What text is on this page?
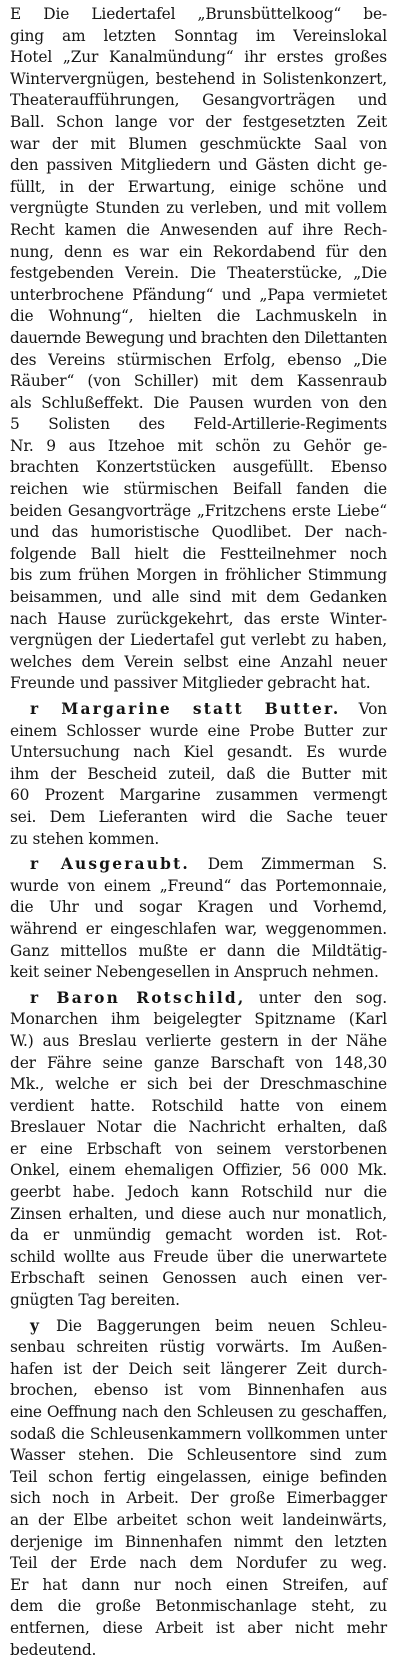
E Die Liedertafel „Brunsbüttelkoog“ be-
ging am letzten Sonntag im Vereinslokal
Hotel „Zur Kanalmündung“ ihr erstes großes
Wintervergnügen, bestehend in Solistenkonzert,
Theateraufführungen, Gesangvorträgen und
Ball. Schon lange vor der festgesetzten Zeit
war der mit Blumen geschmückte Saal von
den passiven Mitgliedern und Gästen dicht ge-
füllt, in der Erwartung, einige schöne und
vergnügte Stunden zu verleben, und mit vollem
Recht kamen die Anwesenden auf ihre Rech-
nung, denn es war ein Rekordabend für den
festgebenden Verein. Die Theaterstücke, „Die
unterbrochene Pfändung“ und „Papa vermietet
die Wohnung“, hielten die Lachmuskeln in
dauernde Bewegung und brachten den Dilettanten
des Vereins stürmischen Erfolg, ebenso „Die
Räuber“ (von Schiller) mit dem Kassenraub
als Schlußeffekt. Die Pausen wurden von den
5 Solisten des Feld-Artillerie-Regiments
Nr. 9 aus Itzehoe mit schön zu Gehör ge-
brachten Konzertstücken ausgefüllt. Ebenso
reichen wie stürmischen Beifall fanden die
beiden Gesangvorträge „Fritzchens erste Liebe“
und das humoristische Quodlibet. Der nach-
folgende Ball hielt die Festteilnehmer noch
bis zum frühen Morgen in fröhlicher Stimmung
beisammen, und alle sind mit dem Gedanken
nach Hause zurückgekehrt, das erste Winter-
vergnügen der Liedertafel gut verlebt zu haben,
welches dem Verein selbst eine Anzahl neuer
Freunde und passiver Mitglieder gebracht hat.
r Margarine statt Butter. Von
einem Schlosser wurde eine Probe Butter zur
Untersuchung nach Kiel gesandt. Es wurde
ihm der Bescheid zuteil, daß die Butter mit
60 Prozent Margarine zusammen vermengt
sei. Dem Lieferanten wird die Sache teuer
zu stehen kommen.
r Ausgeraubt. Dem Zimmerman S.
wurde von einem „Freund“ das Portemonnaie,
die Uhr und sogar Kragen und Vorhemd,
während er eingeschlafen war, weggenommen.
Ganz mittellos mußte er dann die Mildtätig-
keit seiner Nebengesellen in Anspruch nehmen.
r Baron Rotschild, unter den sog.
Monarchen ihm beigelegter Spitzname (Karl
W.) aus Breslau verlierte gestern in der Nähe
der Fähre seine ganze Barschaft von 148,30
Mk., welche er sich bei der Dreschmaschine
verdient hatte. Rotschild hatte von einem
Breslauer Notar die Nachricht erhalten, daß
er eine Erbschaft von seinem verstorbenen
Onkel, einem ehemaligen Offizier, 56 000 Mk.
geerbt habe. Jedoch kann Rotschild nur die
Zinsen erhalten, und diese auch nur monatlich,
da er unmündig gemacht worden ist. Rot-
schild wollte aus Freude über die unerwartete
Erbschaft seinen Genossen auch einen ver-
gnügten Tag bereiten.
y Die Baggerungen beim neuen Schleu-
senbau schreiten rüstig vorwärts. Im Außen-
hafen ist der Deich seit längerer Zeit durch-
brochen, ebenso ist vom Binnenhafen aus
eine Oeffnung nach den Schleusen zu geschaffen,
sodaß die Schleusenkammern vollkommen unter
Wasser stehen. Die Schleusentore sind zum
Teil schon fertig eingelassen, einige befinden
sich noch in Arbeit. Der große Eimerbagger
an der Elbe arbeitet schon weit landeinwärts,
derjenige im Binnenhafen nimmt den letzten
Teil der Erde nach dem Nordufer zu weg.
Er hat dann nur noch einen Streifen, auf
dem die große Betonmischanlage steht, zu
entfernen, diese Arbeit ist aber nicht mehr
bedeutend.
